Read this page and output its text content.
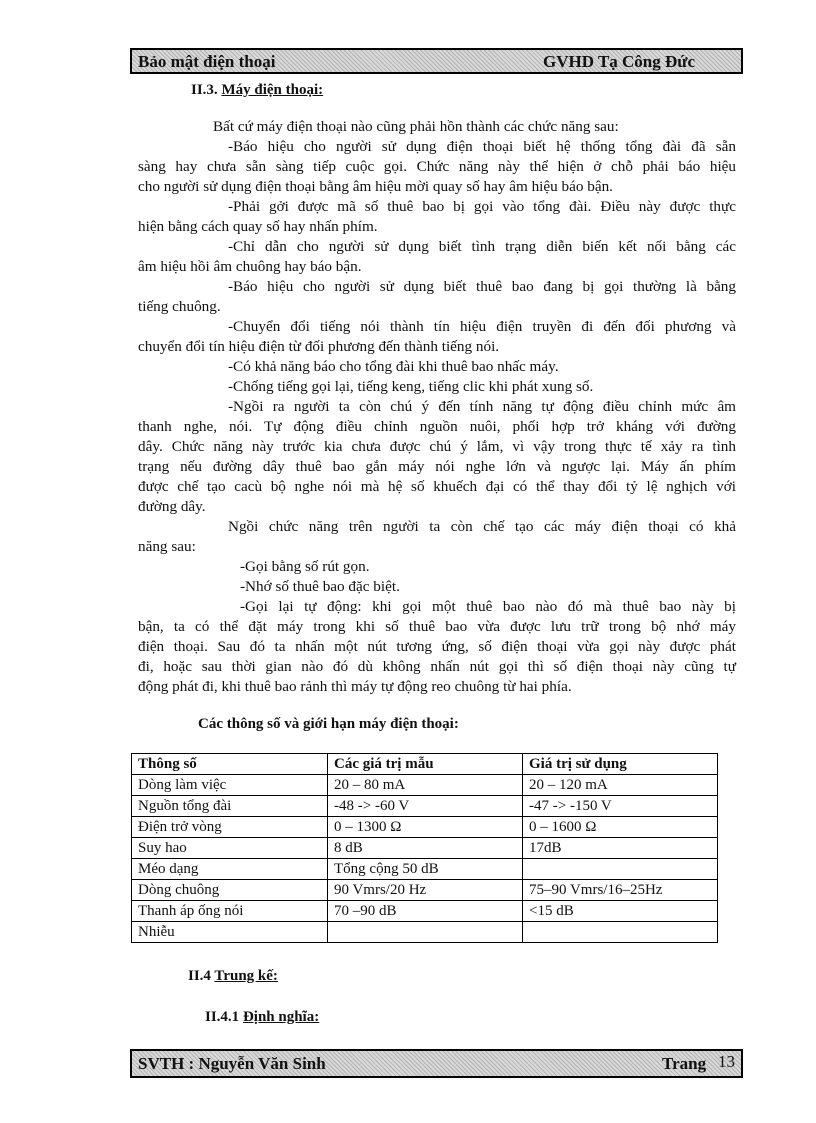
Bảo mật điện thoại	GVHD Tạ Công Đức
II.3. Máy điện thoại:
Bất cứ máy điện thoại nào cũng phải hồn thành các chức năng sau:
-Báo hiệu cho người sử dụng điện thoại biết hệ thống tổng đài đã sẵn
sàng hay chưa sẵn sàng tiếp cuộc gọi. Chức năng này thể hiện ở chỗ phải báo hiệu
cho người sử dụng điện thoại bằng âm hiệu mời quay số hay âm hiệu báo bận.
-Phải gởi được mã số thuê bao bị gọi vào tổng đài. Điều này được thực
hiện bằng cách quay số hay nhấn phím.
-Chỉ dẫn cho người sử dụng biết tình trạng diễn biến kết nối bằng các
âm hiệu hồi âm chuông hay báo bận.
-Báo hiệu cho người sử dụng biết thuê bao đang bị gọi thường là bằng
tiếng chuông.
-Chuyển đổi tiếng nói thành tín hiệu điện truyền đi đến đối phương và
chuyển đổi tín hiệu điện từ đối phương đến thành tiếng nói.
-Có khả năng báo cho tổng đài khi thuê bao nhấc máy.
-Chống tiếng gọi lại, tiếng keng, tiếng clic khi phát xung số.
-Ngồi ra người ta còn chú ý đến tính năng tự động điều chỉnh mức âm
thanh nghe, nói. Tự động điều chỉnh nguồn nuôi, phối hợp trở kháng với đường
dây. Chức năng này trước kia chưa được chú ý lắm, vì vậy trong thực tế xảy ra tình
trạng nếu đường dây thuê bao gắn máy nói nghe lớn và ngược lại. Máy ấn phím
được chế tạo cacù bộ nghe nói mà hệ số khuếch đại có thể thay đổi tỷ lệ nghịch với
đường dây.
Ngồi chức năng trên người ta còn chế tạo các máy điện thoại có khả
năng sau:
-Gọi bằng số rút gọn.
-Nhớ số thuê bao đặc biệt.
-Gọi lại tự động: khi gọi một thuê bao nào đó mà thuê bao này bị
bận, ta có thể đặt máy trong khi số thuê bao vừa được lưu trữ trong bộ nhớ máy
điện thoại. Sau đó ta nhấn một nút tương ứng, số điện thoại vừa gọi này được phát
đi, hoặc sau thời gian nào đó dù không nhấn nút gọi thì số điện thoại này cũng tự
động phát đi, khi thuê bao rảnh thì máy tự động reo chuông từ hai phía.
Các thông số và giới hạn máy điện thoại:
Thông số	Các giá trị mẫu	Giá trị sử dụng
Dòng làm việc	20 – 80 mA	20 – 120 mA
Nguồn tổng đài	-48 -> -60 V	-47 -> -150 V
Điện trở vòng	0 – 1300 Ω	0 – 1600 Ω
Suy hao	8 dB	17dB
Méo dạng	Tổng cộng 50 dB	
Dòng chuông	90 Vmrs/20 Hz	75–90 Vmrs/16–25Hz
Thanh áp ống nói	70 –90 dB	<15 dB
Nhiễu		
II.4 Trung kế:
II.4.1 Định nghĩa:
SVTH : Nguyễn Văn Sinh	Trang 13
